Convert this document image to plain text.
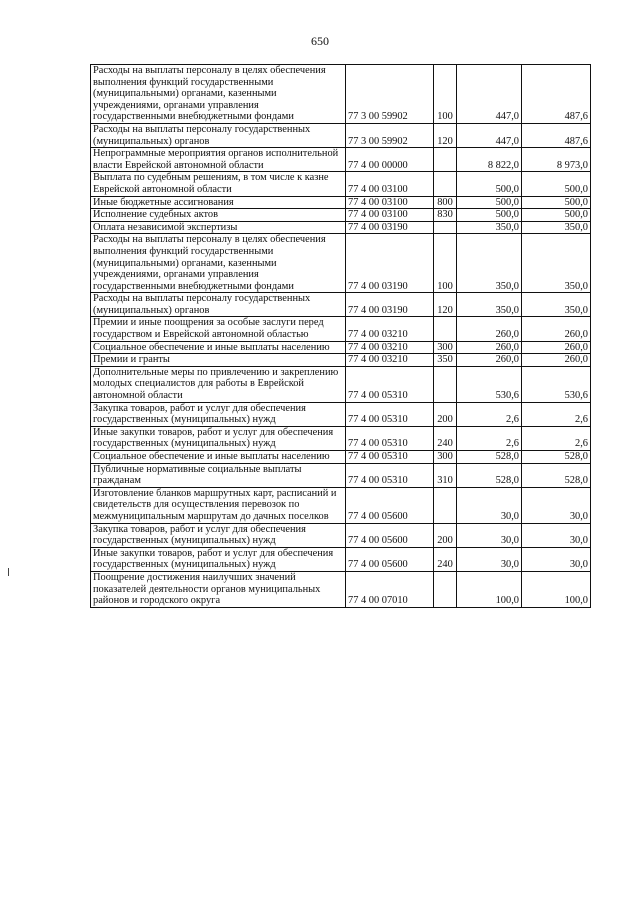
650
Расходы на выплаты персоналу в целях обеспечения выполнения функций государственными (муниципальными) органами, казенными учреждениями, органами управления государственными внебюджетными фондами	77 3 00 59902	100	447,0	487,6
Расходы на выплаты персоналу государственных (муниципальных) органов	77 3 00 59902	120	447,0	487,6
Непрограммные мероприятия органов исполнительной власти Еврейской автономной области	77 4 00 00000		8 822,0	8 973,0
Выплата по судебным решениям, в том числе к казне Еврейской автономной области	77 4 00 03100		500,0	500,0
Иные бюджетные ассигнования	77 4 00 03100	800	500,0	500,0
Исполнение судебных актов	77 4 00 03100	830	500,0	500,0
Оплата независимой экспертизы	77 4 00 03190		350,0	350,0
Расходы на выплаты персоналу в целях обеспечения выполнения функций государственными (муниципальными) органами, казенными учреждениями, органами управления государственными внебюджетными фондами	77 4 00 03190	100	350,0	350,0
Расходы на выплаты персоналу государственных (муниципальных) органов	77 4 00 03190	120	350,0	350,0
Премии и иные поощрения за особые заслуги перед государством и Еврейской автономной областью	77 4 00 03210		260,0	260,0
Социальное обеспечение и иные выплаты населению	77 4 00 03210	300	260,0	260,0
Премии и гранты	77 4 00 03210	350	260,0	260,0
Дополнительные меры по привлечению и закреплению молодых специалистов для работы в Еврейской автономной области	77 4 00 05310		530,6	530,6
Закупка товаров, работ и услуг для обеспечения государственных (муниципальных) нужд	77 4 00 05310	200	2,6	2,6
Иные закупки товаров, работ и услуг для обеспечения государственных (муниципальных) нужд	77 4 00 05310	240	2,6	2,6
Социальное обеспечение и иные выплаты населению	77 4 00 05310	300	528,0	528,0
Публичные нормативные социальные выплаты гражданам	77 4 00 05310	310	528,0	528,0
Изготовление бланков маршрутных карт, расписаний и свидетельств для осуществления перевозок по межмуниципальным маршрутам до дачных поселков	77 4 00 05600		30,0	30,0
Закупка товаров, работ и услуг для обеспечения государственных (муниципальных) нужд	77 4 00 05600	200	30,0	30,0
Иные закупки товаров, работ и услуг для обеспечения государственных (муниципальных) нужд	77 4 00 05600	240	30,0	30,0
Поощрение достижения наилучших значений показателей деятельности органов муниципальных районов и городского округа	77 4 00 07010		100,0	100,0
